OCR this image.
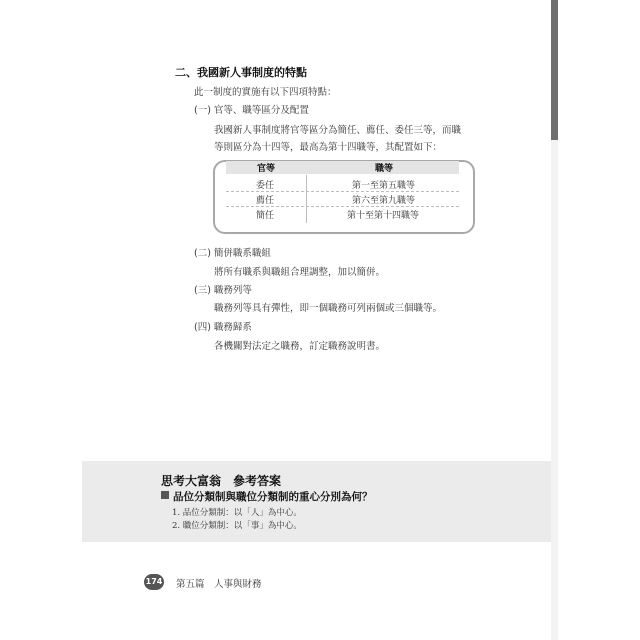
二、我國新人事制度的特點
此一制度的實施有以下四項特點：
(一) 官等、職等區分及配置
我國新人事制度將官等區分為簡任、薦任、委任三等，而職
等則區分為十四等，最高為第十四職等，其配置如下：
官等	職等
委任	第一至第五職等
薦任	第六至第九職等
簡任	第十至第十四職等
(二) 簡併職系職組
將所有職系與職組合理調整，加以簡併。
(三) 職務列等
職務列等具有彈性，即一個職務可列兩個或三個職等。
(四) 職務歸系
各機關對法定之職務，訂定職務說明書。
思考大富翁　參考答案
品位分類制與職位分類制的重心分別為何？
1. 品位分類制：以「人」為中心。
2. 職位分類制：以「事」為中心。
174 第五篇　人事與財務
